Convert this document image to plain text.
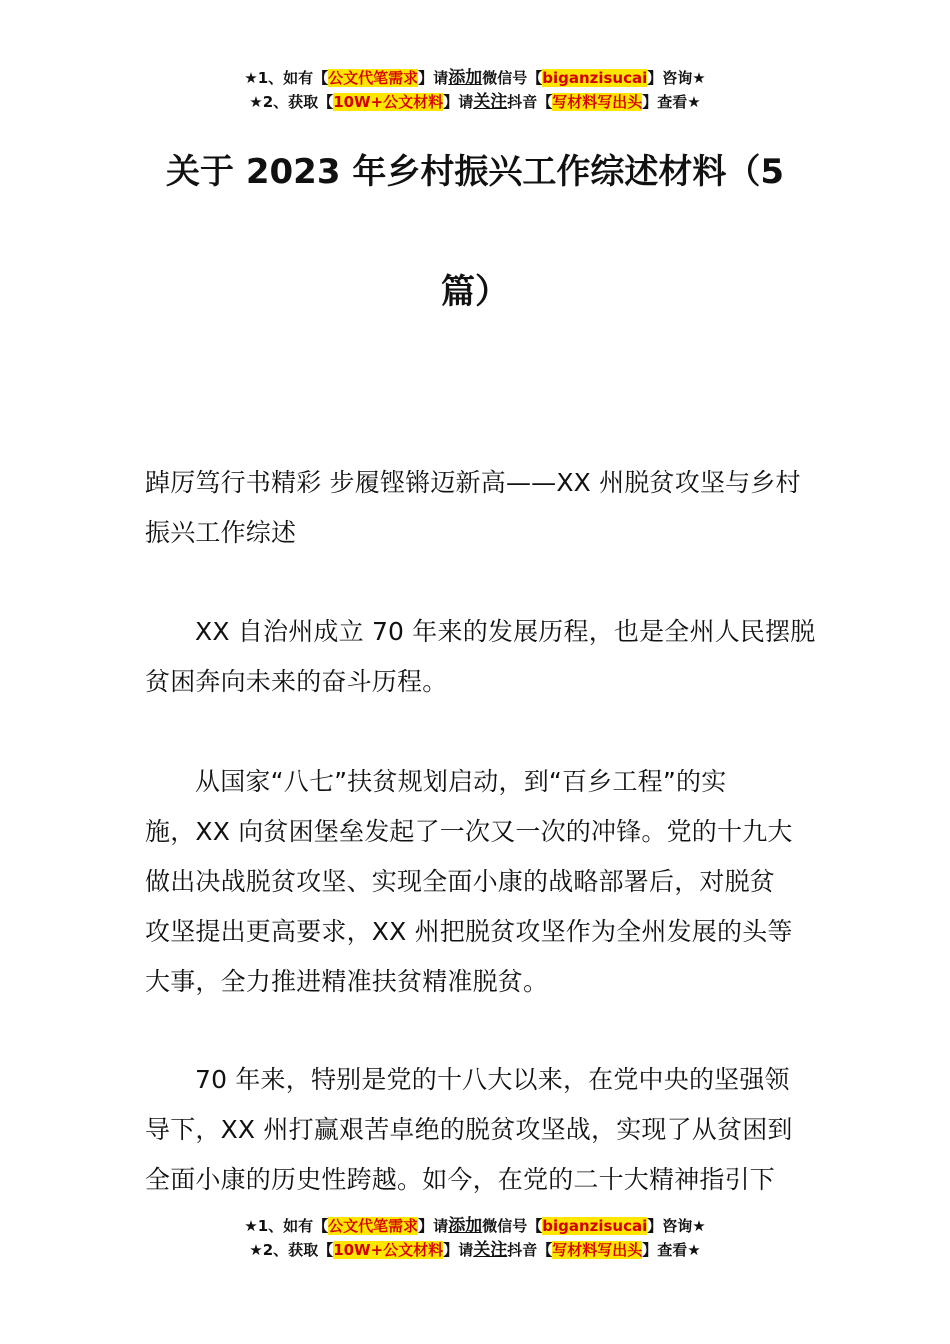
★1、如有【公文代笔需求】请添加微信号【biganzisucai】咨询★
★2、获取【10W+公文材料】请关注抖音【写材料写出头】查看★
关于 2023 年乡村振兴工作综述材料（5
篇）

踔厉笃行书精彩 步履铿锵迈新高——XX 州脱贫攻坚与乡村
振兴工作综述

XX 自治州成立 70 年来的发展历程，也是全州人民摆脱
贫困奔向未来的奋斗历程。

从国家“八七”扶贫规划启动，到“百乡工程”的实
施，XX 向贫困堡垒发起了一次又一次的冲锋。党的十九大
做出决战脱贫攻坚、实现全面小康的战略部署后，对脱贫
攻坚提出更高要求，XX 州把脱贫攻坚作为全州发展的头等
大事，全力推进精准扶贫精准脱贫。

70 年来，特别是党的十八大以来，在党中央的坚强领
导下，XX 州打赢艰苦卓绝的脱贫攻坚战，实现了从贫困到
全面小康的历史性跨越。如今，在党的二十大精神指引下

★1、如有【公文代笔需求】请添加微信号【biganzisucai】咨询★
★2、获取【10W+公文材料】请关注抖音【写材料写出头】查看★
